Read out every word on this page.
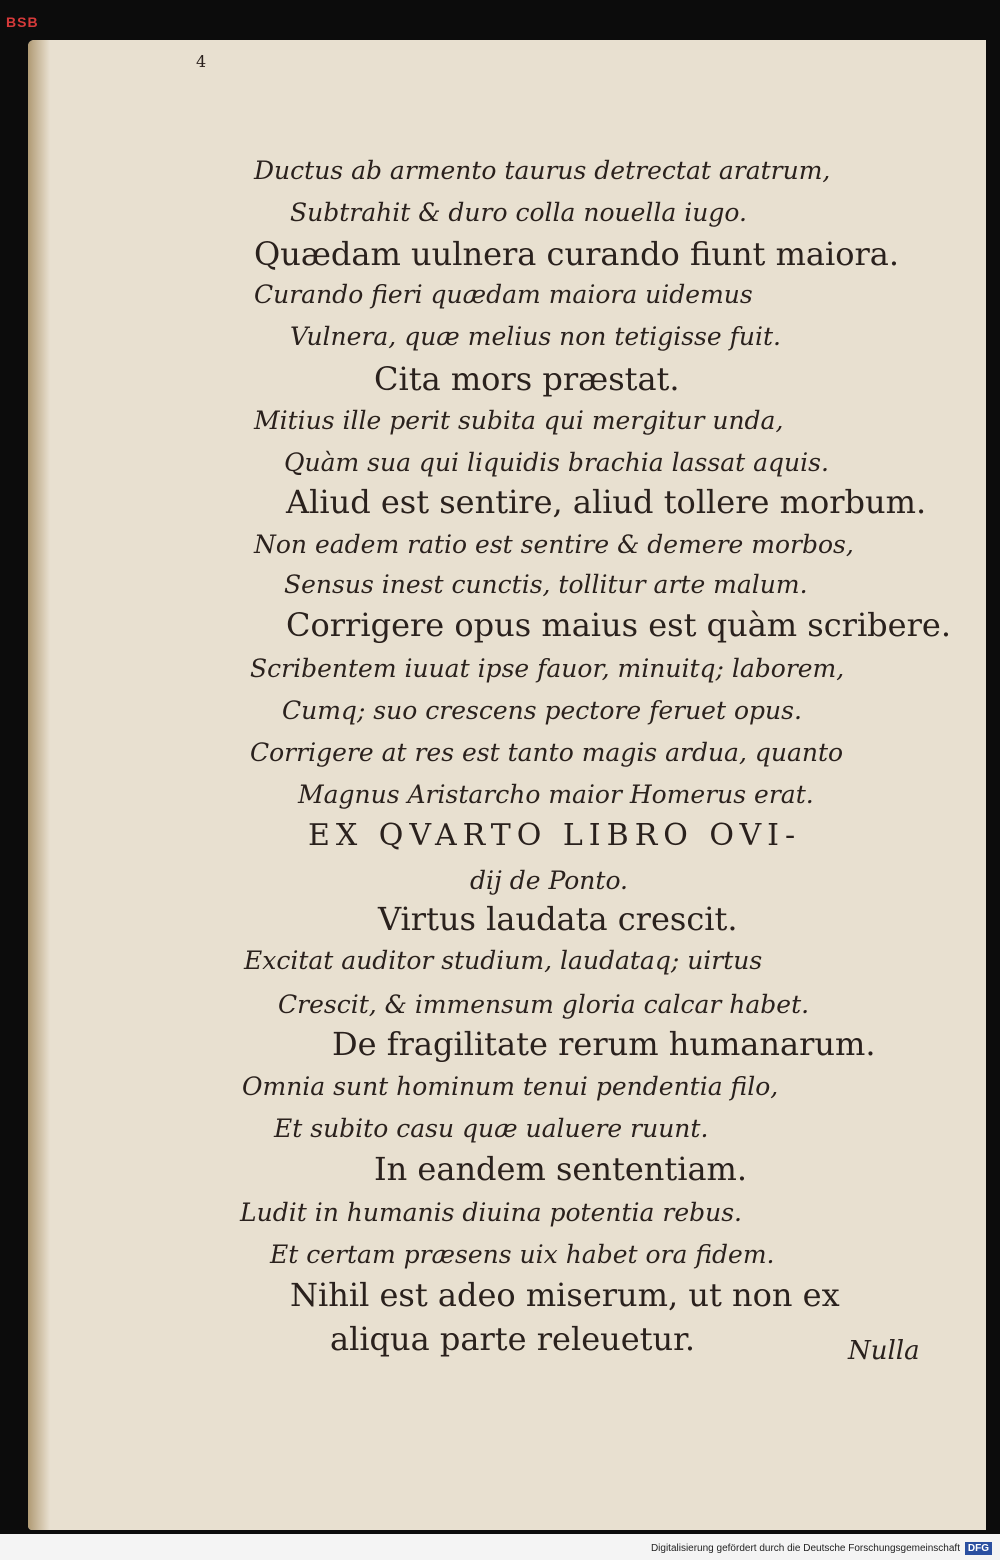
BSB
4
Ductus ab armento taurus detrectat aratrum,
Subtrahit & duro colla nouella iugo.
Quædam uulnera curando fiunt maiora.
Curando fieri quædam maiora uidemus
Vulnera, quæ melius non tetigisse fuit.
Cita mors præstat.
Mitius ille perit subita qui mergitur unda,
Quàm sua qui liquidis brachia lassat aquis.
Aliud est sentire, aliud tollere morbum.
Non eadem ratio est sentire & demere morbos,
Sensus inest cunctis, tollitur arte malum.
Corrigere opus maius est quàm scribere.
Scribentem iuuat ipse fauor, minuitq; laborem,
Cumq; suo crescens pectore feruet opus.
Corrigere at res est tanto magis ardua, quanto
Magnus Aristarcho maior Homerus erat.
EX QVARTO LIBRO OVI-
dij de Ponto.
Virtus laudata crescit.
Excitat auditor studium, laudataq; uirtus
Crescit, & immensum gloria calcar habet.
De fragilitate rerum humanarum.
Omnia sunt hominum tenui pendentia filo,
Et subito casu quæ ualuere ruunt.
In eandem sententiam.
Ludit in humanis diuina potentia rebus.
Et certam præsens uix habet ora fidem.
Nihil est adeo miserum, ut non ex
aliqua parte releuetur.	Nulla
Digitalisierung gefördert durch die Deutsche Forschungsgemeinschaft DFG
